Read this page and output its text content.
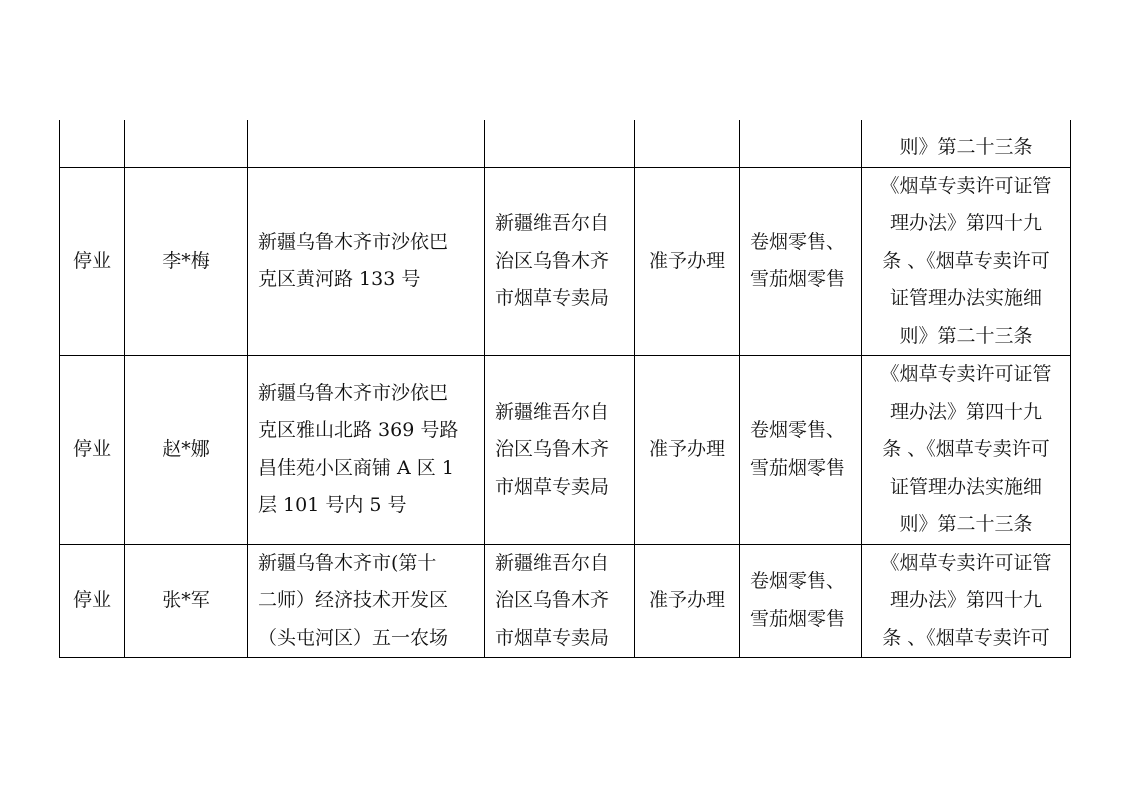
						则》第二十三条

停业	李*梅	新疆乌鲁木齐市沙依巴
克区黄河路 133 号	新疆维吾尔自
治区乌鲁木齐
市烟草专卖局	准予办理	卷烟零售、
雪茄烟零售	《烟草专卖许可证管
理办法》第四十九
条 、《烟草专卖许可
证管理办法实施细
则》第二十三条

停业	赵*娜	新疆乌鲁木齐市沙依巴
克区雅山北路 369 号路
昌佳苑小区商铺 A 区 1
层 101 号内 5 号	新疆维吾尔自
治区乌鲁木齐
市烟草专卖局	准予办理	卷烟零售、
雪茄烟零售	《烟草专卖许可证管
理办法》第四十九
条 、《烟草专卖许可
证管理办法实施细
则》第二十三条

停业	张*军	新疆乌鲁木齐市(第十
二师）经济技术开发区
（头屯河区）五一农场	新疆维吾尔自
治区乌鲁木齐
市烟草专卖局	准予办理	卷烟零售、
雪茄烟零售	《烟草专卖许可证管
理办法》第四十九
条 、《烟草专卖许可
